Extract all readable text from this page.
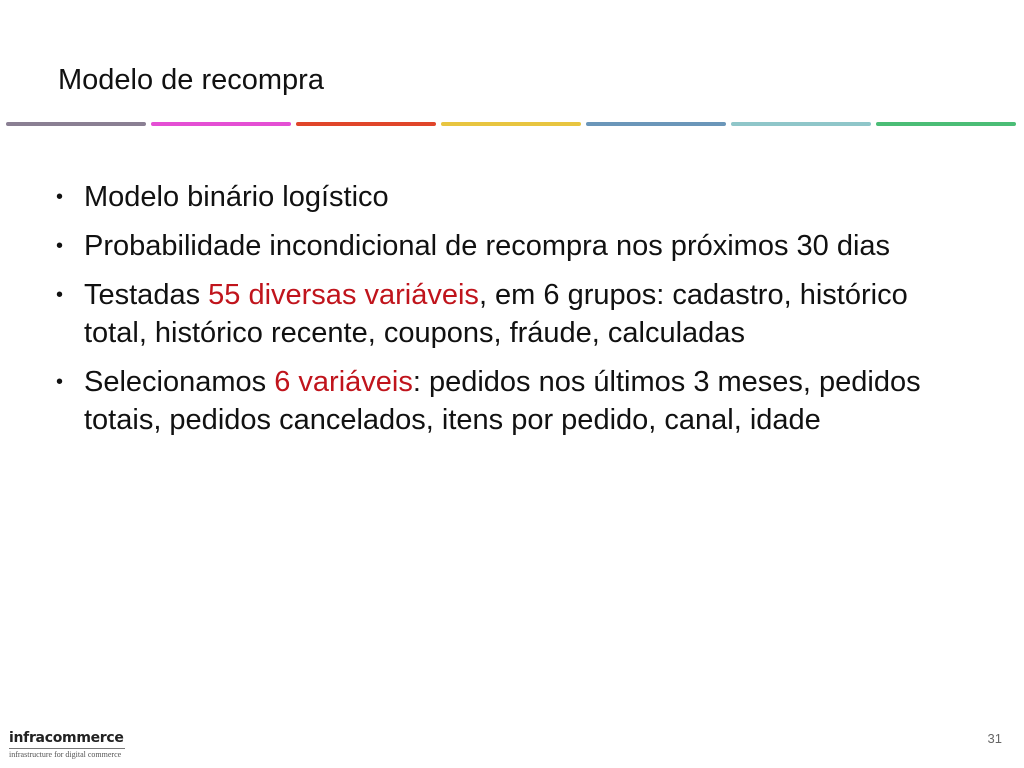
Modelo de recompra
• Modelo binário logístico
• Probabilidade incondicional de recompra nos próximos 30 dias
• Testadas 55 diversas variáveis, em 6 grupos: cadastro, histórico total, histórico recente, coupons, fráude, calculadas
• Selecionamos 6 variáveis: pedidos nos últimos 3 meses, pedidos totais, pedidos cancelados, itens por pedido, canal, idade
infracommerce
infrastructure for digital commerce
31
